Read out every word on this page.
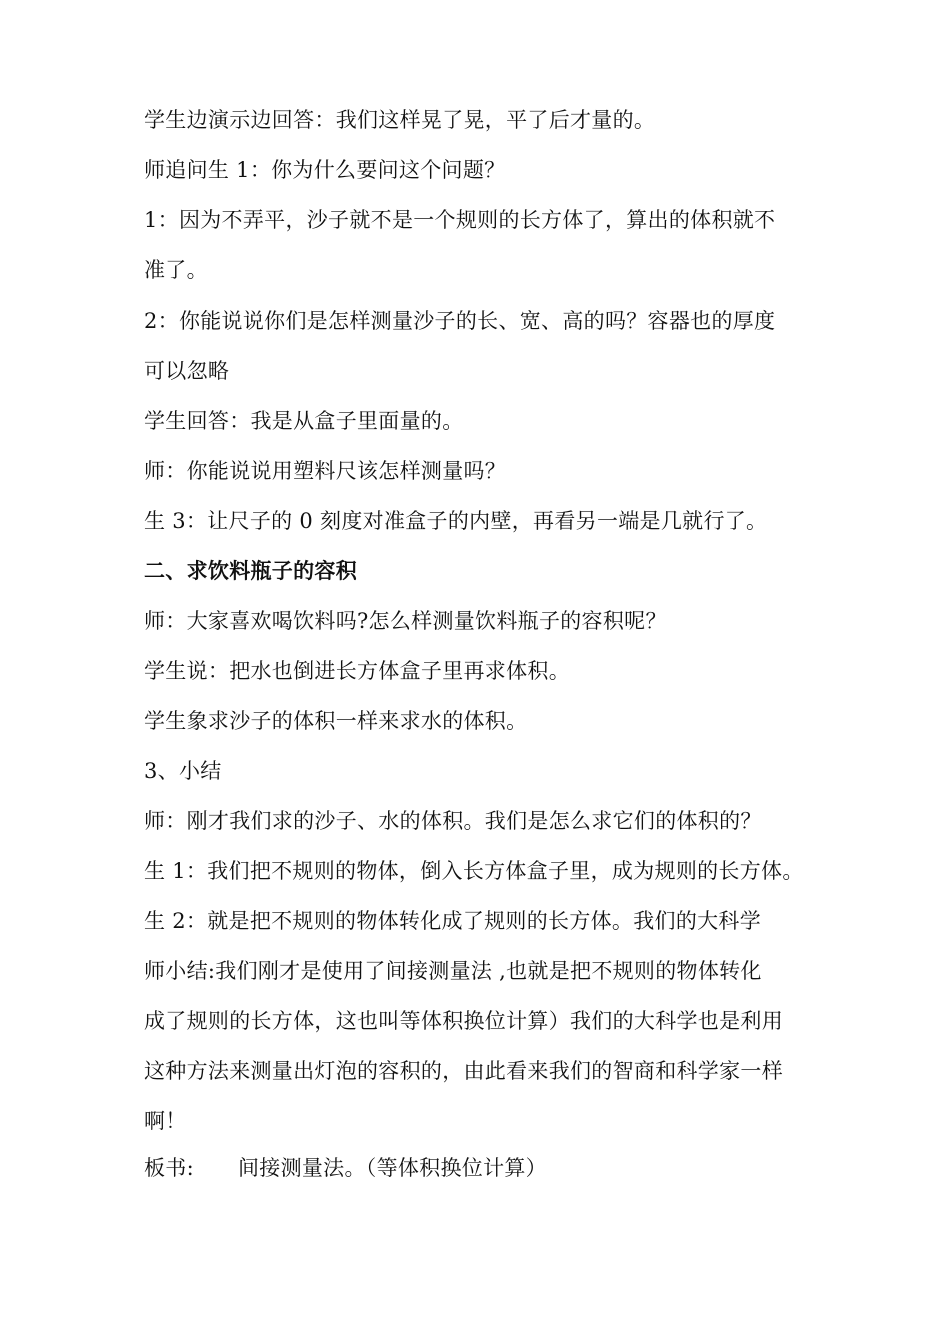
学生边演示边回答：我们这样晃了晃，平了后才量的。
师追问生 1：你为什么要问这个问题？
1：因为不弄平，沙子就不是一个规则的长方体了，算出的体积就不
准了。
2：你能说说你们是怎样测量沙子的长、宽、高的吗？容器也的厚度
可以忽略
学生回答：我是从盒子里面量的。
师：你能说说用塑料尺该怎样测量吗？
生 3：让尺子的 0 刻度对准盒子的内壁，再看另一端是几就行了。
二、求饮料瓶子的容积
师：大家喜欢喝饮料吗?怎么样测量饮料瓶子的容积呢？
学生说：把水也倒进长方体盒子里再求体积。
学生象求沙子的体积一样来求水的体积。
3、小结
师：刚才我们求的沙子、水的体积。我们是怎么求它们的体积的？
生 1：我们把不规则的物体，倒入长方体盒子里，成为规则的长方体。
生 2：就是把不规则的物体转化成了规则的长方体。我们的大科学
师小结:我们刚才是使用了间接测量法 ,也就是把不规则的物体转化
成了规则的长方体，这也叫等体积换位计算）我们的大科学也是利用
这种方法来测量出灯泡的容积的，由此看来我们的智商和科学家一样
啊！
板书: 间接测量法。（等体积换位计算）
